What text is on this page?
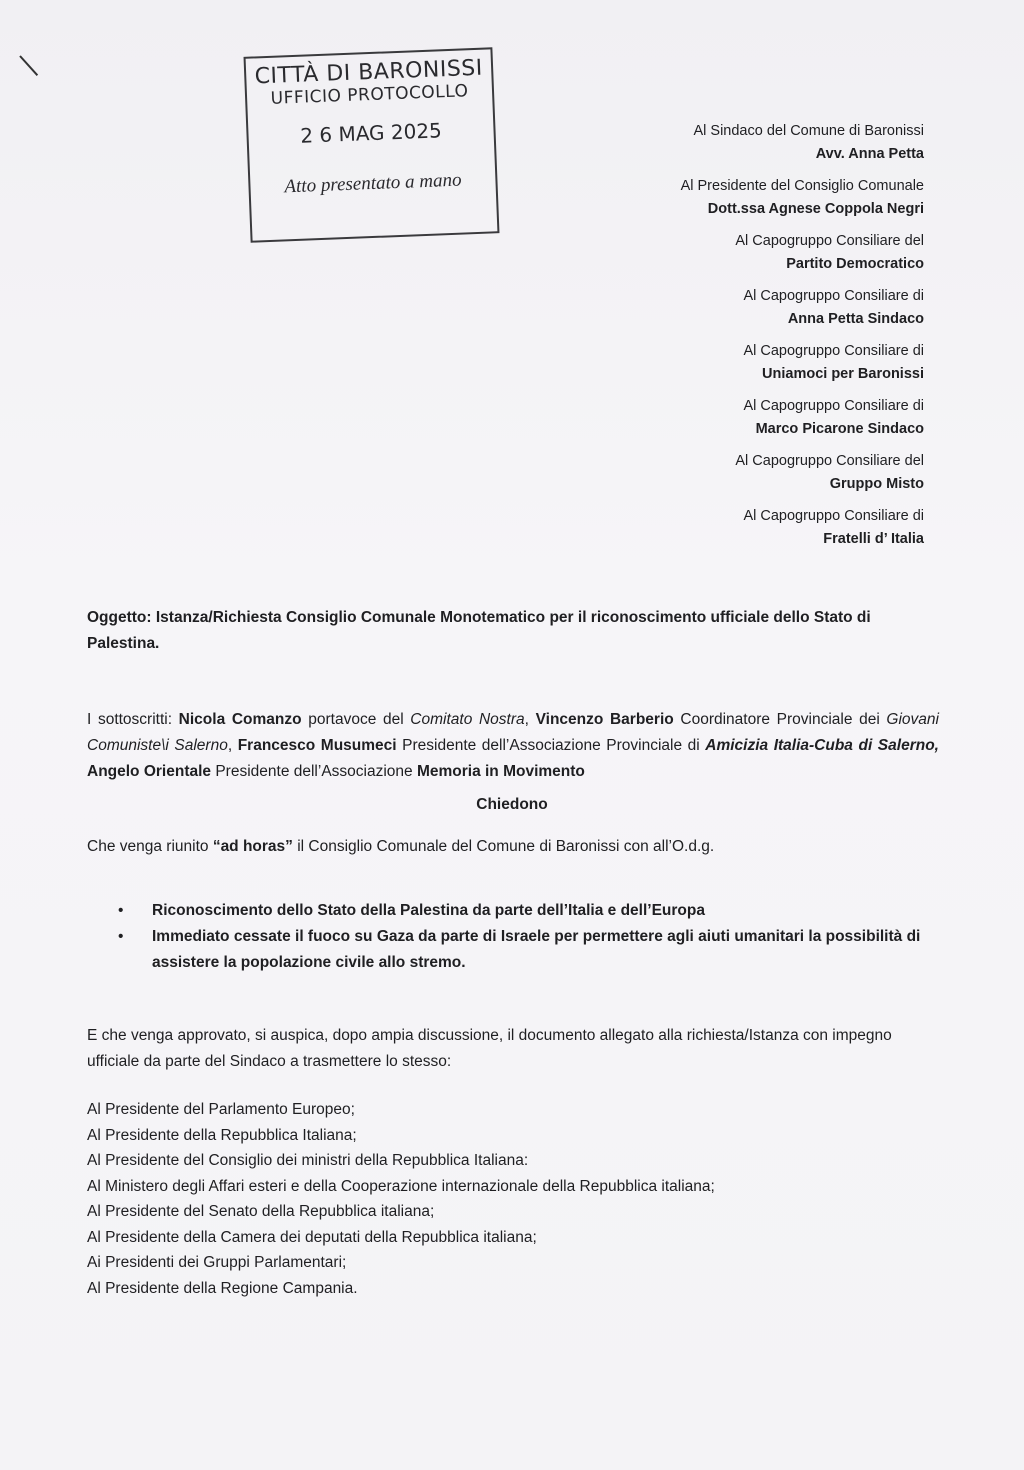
CITTÀ DI BARONISSI
UFFICIO PROTOCOLLO
2 6 MAG 2025
Atto presentato a mano
Al Sindaco del Comune di Baronissi
Avv. Anna Petta
Al Presidente del Consiglio Comunale
Dott.ssa Agnese Coppola Negri
Al Capogruppo Consiliare del
Partito Democratico
Al Capogruppo Consiliare di
Anna Petta Sindaco
Al Capogruppo Consiliare di
Uniamoci per Baronissi
Al Capogruppo Consiliare di
Marco Picarone Sindaco
Al Capogruppo Consiliare del
Gruppo Misto
Al Capogruppo Consiliare di
Fratelli d’ Italia
Oggetto: Istanza/Richiesta Consiglio Comunale Monotematico per il riconoscimento ufficiale dello Stato di Palestina.
I sottoscritti: Nicola Comanzo portavoce del Comitato Nostra, Vincenzo Barberio Coordinatore Provinciale dei Giovani Comuniste\i Salerno, Francesco Musumeci Presidente dell’Associazione Provinciale di Amicizia Italia-Cuba di Salerno, Angelo Orientale Presidente dell’Associazione Memoria in Movimento
Chiedono
Che venga riunito “ad horas” il Consiglio Comunale del Comune di Baronissi con all’O.d.g.
• Riconoscimento dello Stato della Palestina da parte dell’Italia e dell’Europa
• Immediato cessate il fuoco su Gaza da parte di Israele per permettere agli aiuti umanitari la possibilità di assistere la popolazione civile allo stremo.
E che venga approvato, si auspica, dopo ampia discussione, il documento allegato alla richiesta/Istanza con impegno ufficiale da parte del Sindaco a trasmettere lo stesso:
Al Presidente del Parlamento Europeo;
Al Presidente della Repubblica Italiana;
Al Presidente del Consiglio dei ministri della Repubblica Italiana:
Al Ministero degli Affari esteri e della Cooperazione internazionale della Repubblica italiana;
Al Presidente del Senato della Repubblica italiana;
Al Presidente della Camera dei deputati della Repubblica italiana;
Ai Presidenti dei Gruppi Parlamentari;
Al Presidente della Regione Campania.
